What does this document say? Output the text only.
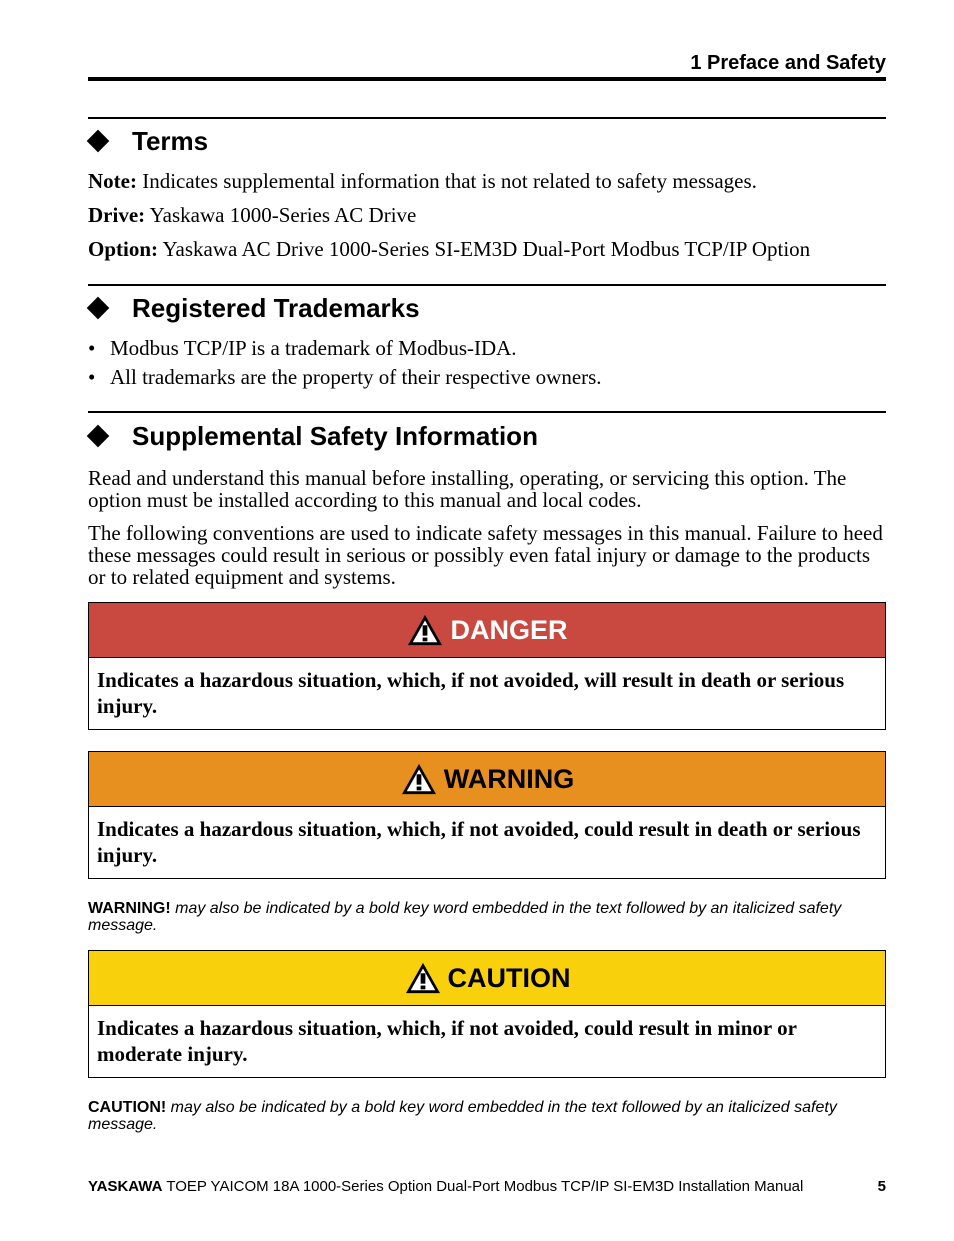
1 Preface and Safety
Terms
Note: Indicates supplemental information that is not related to safety messages.
Drive: Yaskawa 1000-Series AC Drive
Option: Yaskawa AC Drive 1000-Series SI-EM3D Dual-Port Modbus TCP/IP Option
Registered Trademarks
• Modbus TCP/IP is a trademark of Modbus-IDA.
• All trademarks are the property of their respective owners.
Supplemental Safety Information

Read and understand this manual before installing, operating, or servicing this option. The option must be installed according to this manual and local codes.

The following conventions are used to indicate safety messages in this manual. Failure to heed these messages could result in serious or possibly even fatal injury or damage to the products or to related equipment and systems.

DANGER
Indicates a hazardous situation, which, if not avoided, will result in death or serious injury.
WARNING
Indicates a hazardous situation, which, if not avoided, could result in death or serious injury.
WARNING! may also be indicated by a bold key word embedded in the text followed by an italicized safety message.
CAUTION
Indicates a hazardous situation, which, if not avoided, could result in minor or moderate injury.
CAUTION! may also be indicated by a bold key word embedded in the text followed by an italicized safety message.
YASKAWA TOEP YAICOM 18A 1000-Series Option Dual-Port Modbus TCP/IP SI-EM3D Installation Manual	5
